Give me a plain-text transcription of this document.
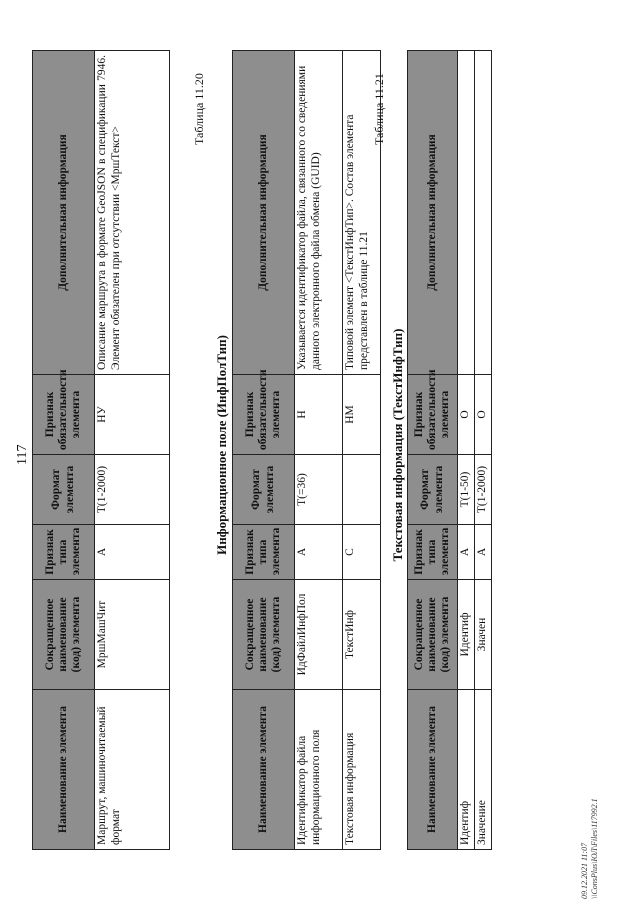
117
Наименование элемента	Сокращенное наименование (код) элемента	Признак типа элемента	Формат элемента	Признак обязательности элемента	Дополнительная информация
Маршрут, машиночитаемый формат	МршМашЧит	А	T(1-2000)	НУ	Описание маршрута в формате GeoJSON в спецификации 7946. Элемент обязателен при отсутствии <МршТекст>
Таблица 11.20
Информационное поле (ИнфПолТип)
Наименование элемента	Сокращенное наименование (код) элемента	Признак типа элемента	Формат элемента	Признак обязательности элемента	Дополнительная информация
Идентификатор файла информационного поля	ИдФайлИнфПол	А	T(=36)	Н	Указывается идентификатор файла, связанного со сведениями данного электронного файла обмена (GUID)
Текстовая информация	ТекстИнф	С		НМ	Типовой элемент <ТекстИнфТип>. Состав элемента представлен в таблице 11.21
Таблица 11.21
Текстовая информация (ТекстИнфТип)
Наименование элемента	Сокращенное наименование (код) элемента	Признак типа элемента	Формат элемента	Признак обязательности элемента	Дополнительная информация
Идентиф	Идентиф	А	T(1-50)	О	
Значение	Значен	А	T(1-2000)	О	
09.12.2021 11:07 \\ConsPlus\ЮЛ\Files\117992.1
